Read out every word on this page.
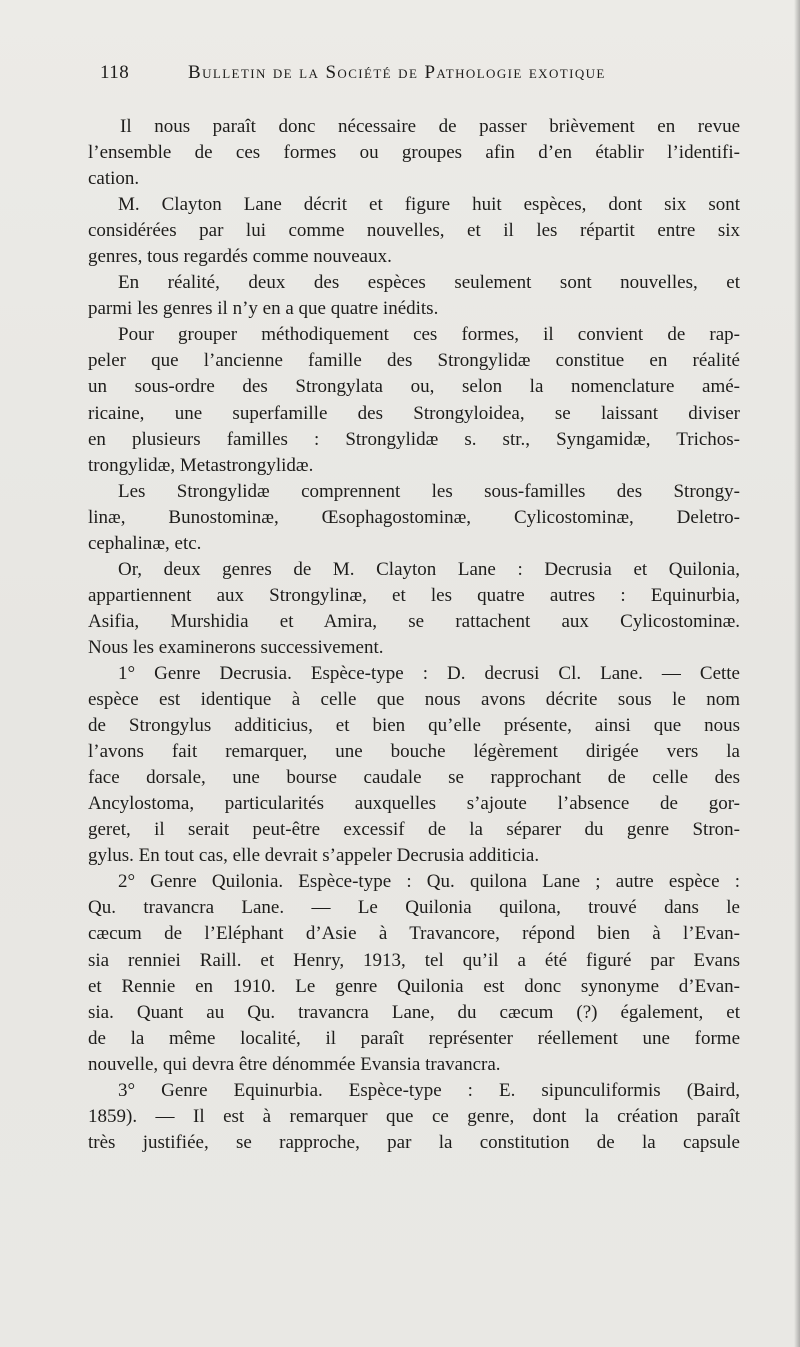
118	Bulletin de la Société de Pathologie exotique
Il nous paraît donc nécessaire de passer brièvement en revue
l’ensemble de ces formes ou groupes afin d’en établir l’identifi-
cation.
M. Clayton Lane décrit et figure huit espèces, dont six sont
considérées par lui comme nouvelles, et il les répartit entre six
genres, tous regardés comme nouveaux.
En réalité, deux des espèces seulement sont nouvelles, et
parmi les genres il n’y en a que quatre inédits.
Pour grouper méthodiquement ces formes, il convient de rap-
peler que l’ancienne famille des Strongylidæ constitue en réalité
un sous-ordre des Strongylata ou, selon la nomenclature amé-
ricaine, une superfamille des Strongyloidea, se laissant diviser
en plusieurs familles : Strongylidæ s. str., Syngamidæ, Trichos-
trongylidæ, Metastrongylidæ.
Les Strongylidæ comprennent les sous-familles des Strongy-
linæ, Bunostominæ, Œsophagostominæ, Cylicostominæ, Deletro-
cephalinæ, etc.
Or, deux genres de M. Clayton Lane : Decrusia et Quilonia,
appartiennent aux Strongylinæ, et les quatre autres : Equinurbia,
Asifia, Murshidia et Amira, se rattachent aux Cylicostominæ.
Nous les examinerons successivement.
1° Genre Decrusia. Espèce-type : D. decrusi Cl. Lane. — Cette
espèce est identique à celle que nous avons décrite sous le nom
de Strongylus additicius, et bien qu’elle présente, ainsi que nous
l’avons fait remarquer, une bouche légèrement dirigée vers la
face dorsale, une bourse caudale se rapprochant de celle des
Ancylostoma, particularités auxquelles s’ajoute l’absence de gor-
geret, il serait peut-être excessif de la séparer du genre Stron-
gylus. En tout cas, elle devrait s’appeler Decrusia additicia.
2° Genre Quilonia. Espèce-type : Qu. quilona Lane ; autre espèce :
Qu. travancra Lane. — Le Quilonia quilona, trouvé dans le
cæcum de l’Eléphant d’Asie à Travancore, répond bien à l’Evan-
sia renniei Raill. et Henry, 1913, tel qu’il a été figuré par Evans
et Rennie en 1910. Le genre Quilonia est donc synonyme d’Evan-
sia. Quant au Qu. travancra Lane, du cæcum (?) également, et
de la même localité, il paraît représenter réellement une forme
nouvelle, qui devra être dénommée Evansia travancra.
3° Genre Equinurbia. Espèce-type : E. sipunculiformis (Baird,
1859). — Il est à remarquer que ce genre, dont la création paraît
très justifiée, se rapproche, par la constitution de la capsule
